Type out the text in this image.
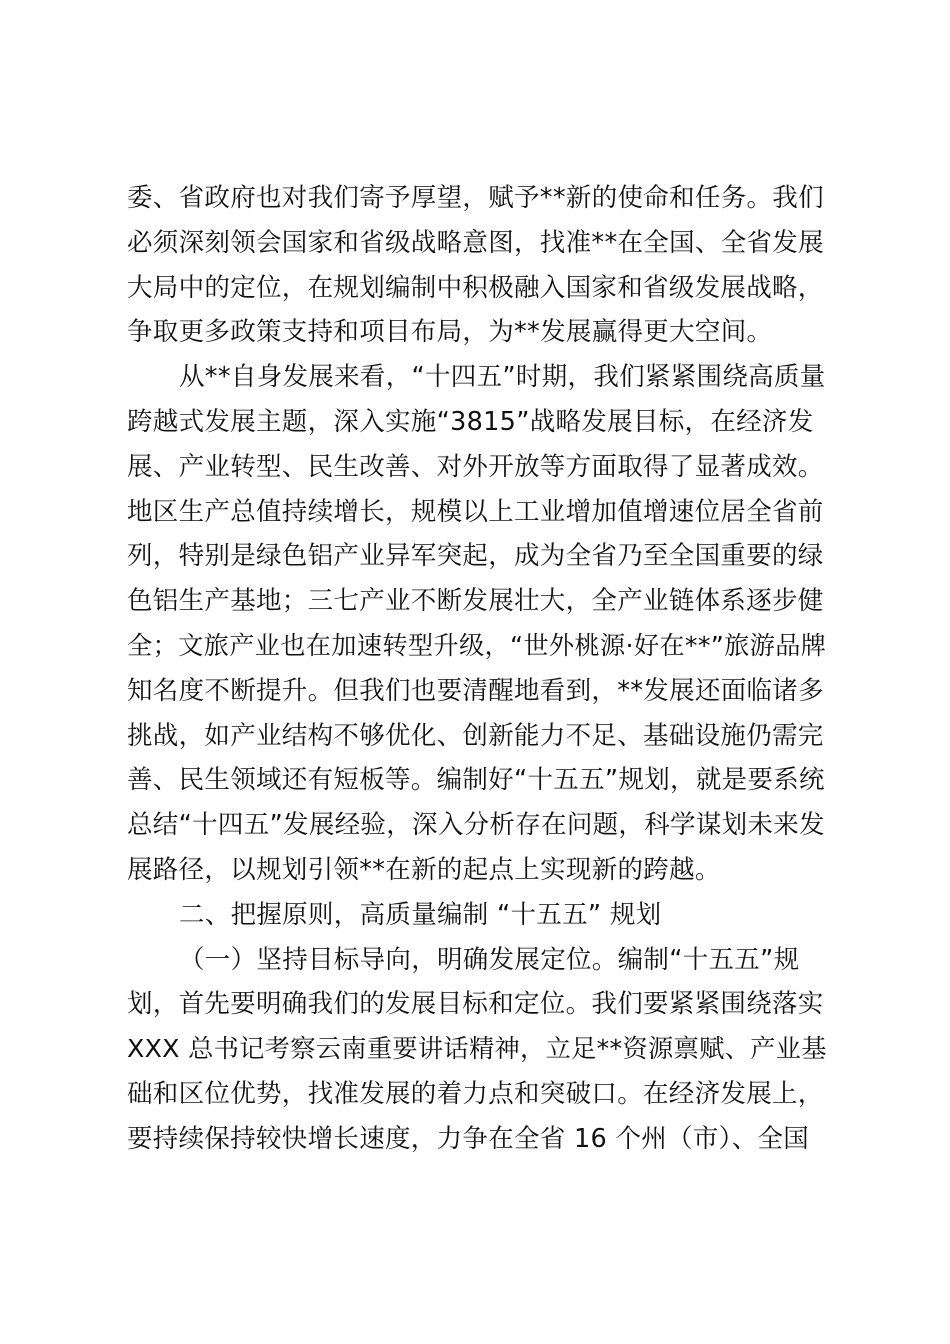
委、省政府也对我们寄予厚望，赋予**新的使命和任务。我们
必须深刻领会国家和省级战略意图，找准**在全国、全省发展
大局中的定位，在规划编制中积极融入国家和省级发展战略，
争取更多政策支持和项目布局，为**发展赢得更大空间。
从**自身发展来看，“十四五”时期，我们紧紧围绕高质量
跨越式发展主题，深入实施“3815”战略发展目标，在经济发
展、产业转型、民生改善、对外开放等方面取得了显著成效。
地区生产总值持续增长，规模以上工业增加值增速位居全省前
列，特别是绿色铝产业异军突起，成为全省乃至全国重要的绿
色铝生产基地；三七产业不断发展壮大，全产业链体系逐步健
全；文旅产业也在加速转型升级，“世外桃源·好在**”旅游品牌
知名度不断提升。但我们也要清醒地看到，**发展还面临诸多
挑战，如产业结构不够优化、创新能力不足、基础设施仍需完
善、民生领域还有短板等。编制好“十五五”规划，就是要系统
总结“十四五”发展经验，深入分析存在问题，科学谋划未来发
展路径，以规划引领**在新的起点上实现新的跨越。
二、把握原则，高质量编制 “十五五” 规划
（一）坚持目标导向，明确发展定位。编制“十五五”规
划，首先要明确我们的发展目标和定位。我们要紧紧围绕落实
XXX 总书记考察云南重要讲话精神，立足**资源禀赋、产业基
础和区位优势，找准发展的着力点和突破口。在经济发展上，
要持续保持较快增长速度，力争在全省 16 个州（市）、全国
